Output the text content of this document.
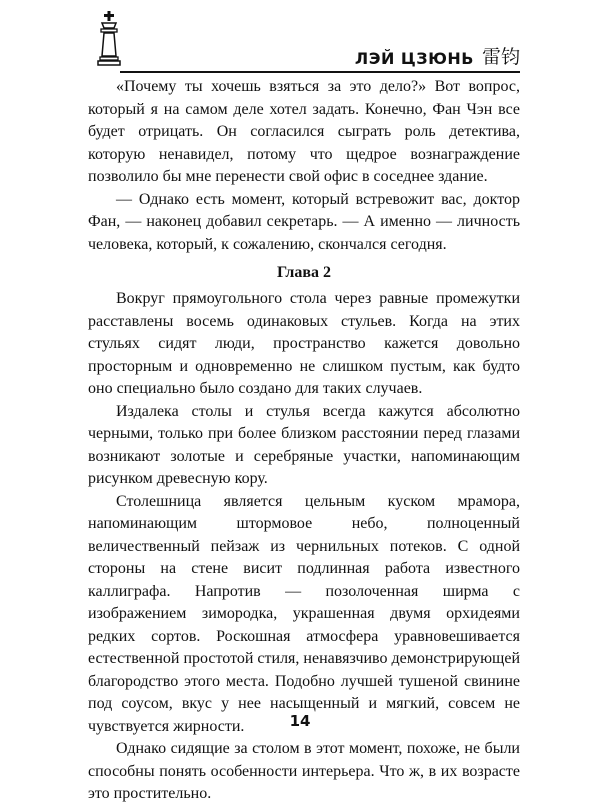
ЛЭЙ ЦЗЮНЬ 雷钧

«Почему ты хочешь взяться за это дело?» Вот вопрос, который я на самом деле хотел задать. Конечно, Фан Чэн все будет отрицать. Он согласился сыграть роль детектива, которую ненавидел, потому что щедрое вознаграждение позволило бы мне перенести свой офис в соседнее здание.

— Однако есть момент, который встревожит вас, доктор Фан, — наконец добавил секретарь. — А именно — личность человека, который, к сожалению, скончался сегодня.

Глава 2

Вокруг прямоугольного стола через равные промежутки расставлены восемь одинаковых стульев. Когда на этих стульях сидят люди, пространство кажется довольно просторным и одновременно не слишком пустым, как будто оно специально было создано для таких случаев.

Издалека столы и стулья всегда кажутся абсолютно черными, только при более близком расстоянии перед глазами возникают золотые и серебряные участки, напоминающим рисунком древесную кору.

Столешница является цельным куском мрамора, напоминающим штормовое небо, полноценный величественный пейзаж из чернильных потеков. С одной стороны на стене висит подлинная работа известного каллиграфа. Напротив — позолоченная ширма с изображением зимородка, украшенная двумя орхидеями редких сортов. Роскошная атмосфера уравновешивается естественной простотой стиля, ненавязчиво демонстрирующей благородство этого места. Подобно лучшей тушеной свинине под соусом, вкус у нее насыщенный и мягкий, совсем не чувствуется жирности.

Однако сидящие за столом в этот момент, похоже, не были способны понять особенности интерьера. Что ж, в их возрасте это простительно.

14
